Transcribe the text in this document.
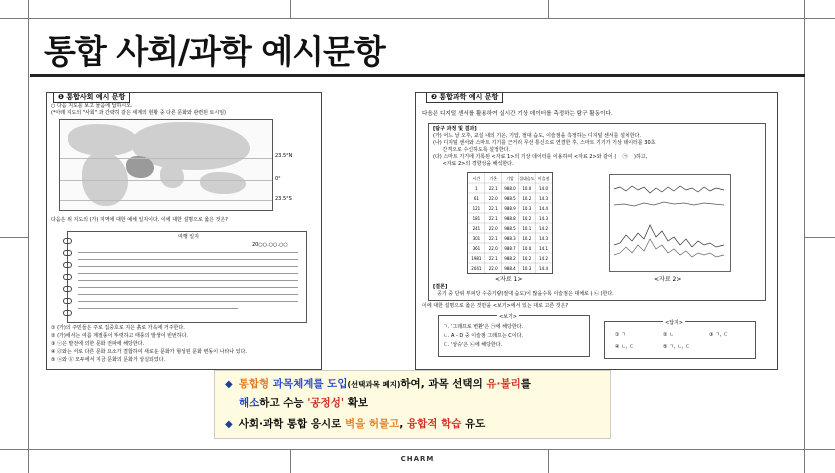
통합 사회/과학 예시문항
❶ 통합사회 예시 문항
○ 다음 지도를 보고 물음에 답하시오.
(*아래 지도의 "사회" 과 간략히 같은 세계의 현황 중 다른 문화와 관련된 토시임)
23.5°N
0°
23.5°S
다음은 위 지도의 (가) 지역에 대한 예체 일지이다. 이에 대한 설명으로 옳은 것은?
여행 일지
20○○.○○.○○
① (가)의 주민들은 주로 집중호로 지은 흙로 가옥에 거주한다.
② (가)에서는 여름 계절풍이 뚜렷하고 태풍의 발생이 빈번하다.
③ ⓒ은 발전에 의한 문화 전파에 해당한다.
④ ⓓ와는 서로 다른 문화 요소가 결합하여 새로운 문화가 형성된 문화 변동이 나타나 있다.
⑤ ⓐ와 ⓑ 모두에서 지금 문화의 문화가 상실되었다.
❷ 통합과학 예시 문항
다음은 디지털 센서를 활용하여 실시간 기상 데이터를 측정하는 탐구 활동이다.
[탐구 과정 및 결과]
(가) 어느 날 오후, 교실 내의 기온, 기압, 절대 습도, 이슬점을 측정하는 디지털 센서를 설치한다.
(나) 디지털 센서와 스마트 기기를 근거리 무선 통신으로 연결한 후, 스마트 기기가 기상 데이터를 30초
간격으로 수신하도록 설정한다.
(다) 스마트 기기에 기록된 <자료 1>의 기상 데이터를 이용하여 <자료 2>와 같이 (    ㉠    )하고,
<자료 2>의 경향성을 해석한다.
시간 기온 기압 절대습도 이슬점
1	22.1 988.0 10.0 14.0
61 22.0 988.5 10.2 14.3
121 22.1 988.9 10.3 14.4
181 22.1 988.8 10.2 14.3
241 22.0 988.5 10.1 14.2
301 22.1 988.3 10.2 14.3
361 22.0 988.7 10.0 14.1
1981 22.1 988.2 10.2 14.2
2041 22.0 988.4 10.3 14.4
<자료 1>	<자료 2>
[결론]
공기 중 단위 부피당 수증기량(절대 습도)이 많을수록 이슬점은 대체로 ( ㉡ )한다.
이에 대한 설명으로 옳은 것만을 <보기>에서 있는 대로 고른 것은?
<보기>
ㄱ. '그래프로 변환'은 ㉠에 해당한다.
ㄴ. A - D 중 이슬점 그래프는 C이다.
ㄷ. '상승'은 ㉡에 해당한다.
<답지>
① ㄱ	② ㄴ	③ ㄱ, ㄷ
④ ㄴ, ㄷ	⑤ ㄱ, ㄴ, ㄷ
◆ 통합형 과목체계를 도입(선택과목 폐지)하여, 과목 선택의 유·불리를
해소하고 수능 '공정성' 확보
◆ 사회·과학 통합 응시로 벽을 허물고, 융합적 학습 유도
CHARM
